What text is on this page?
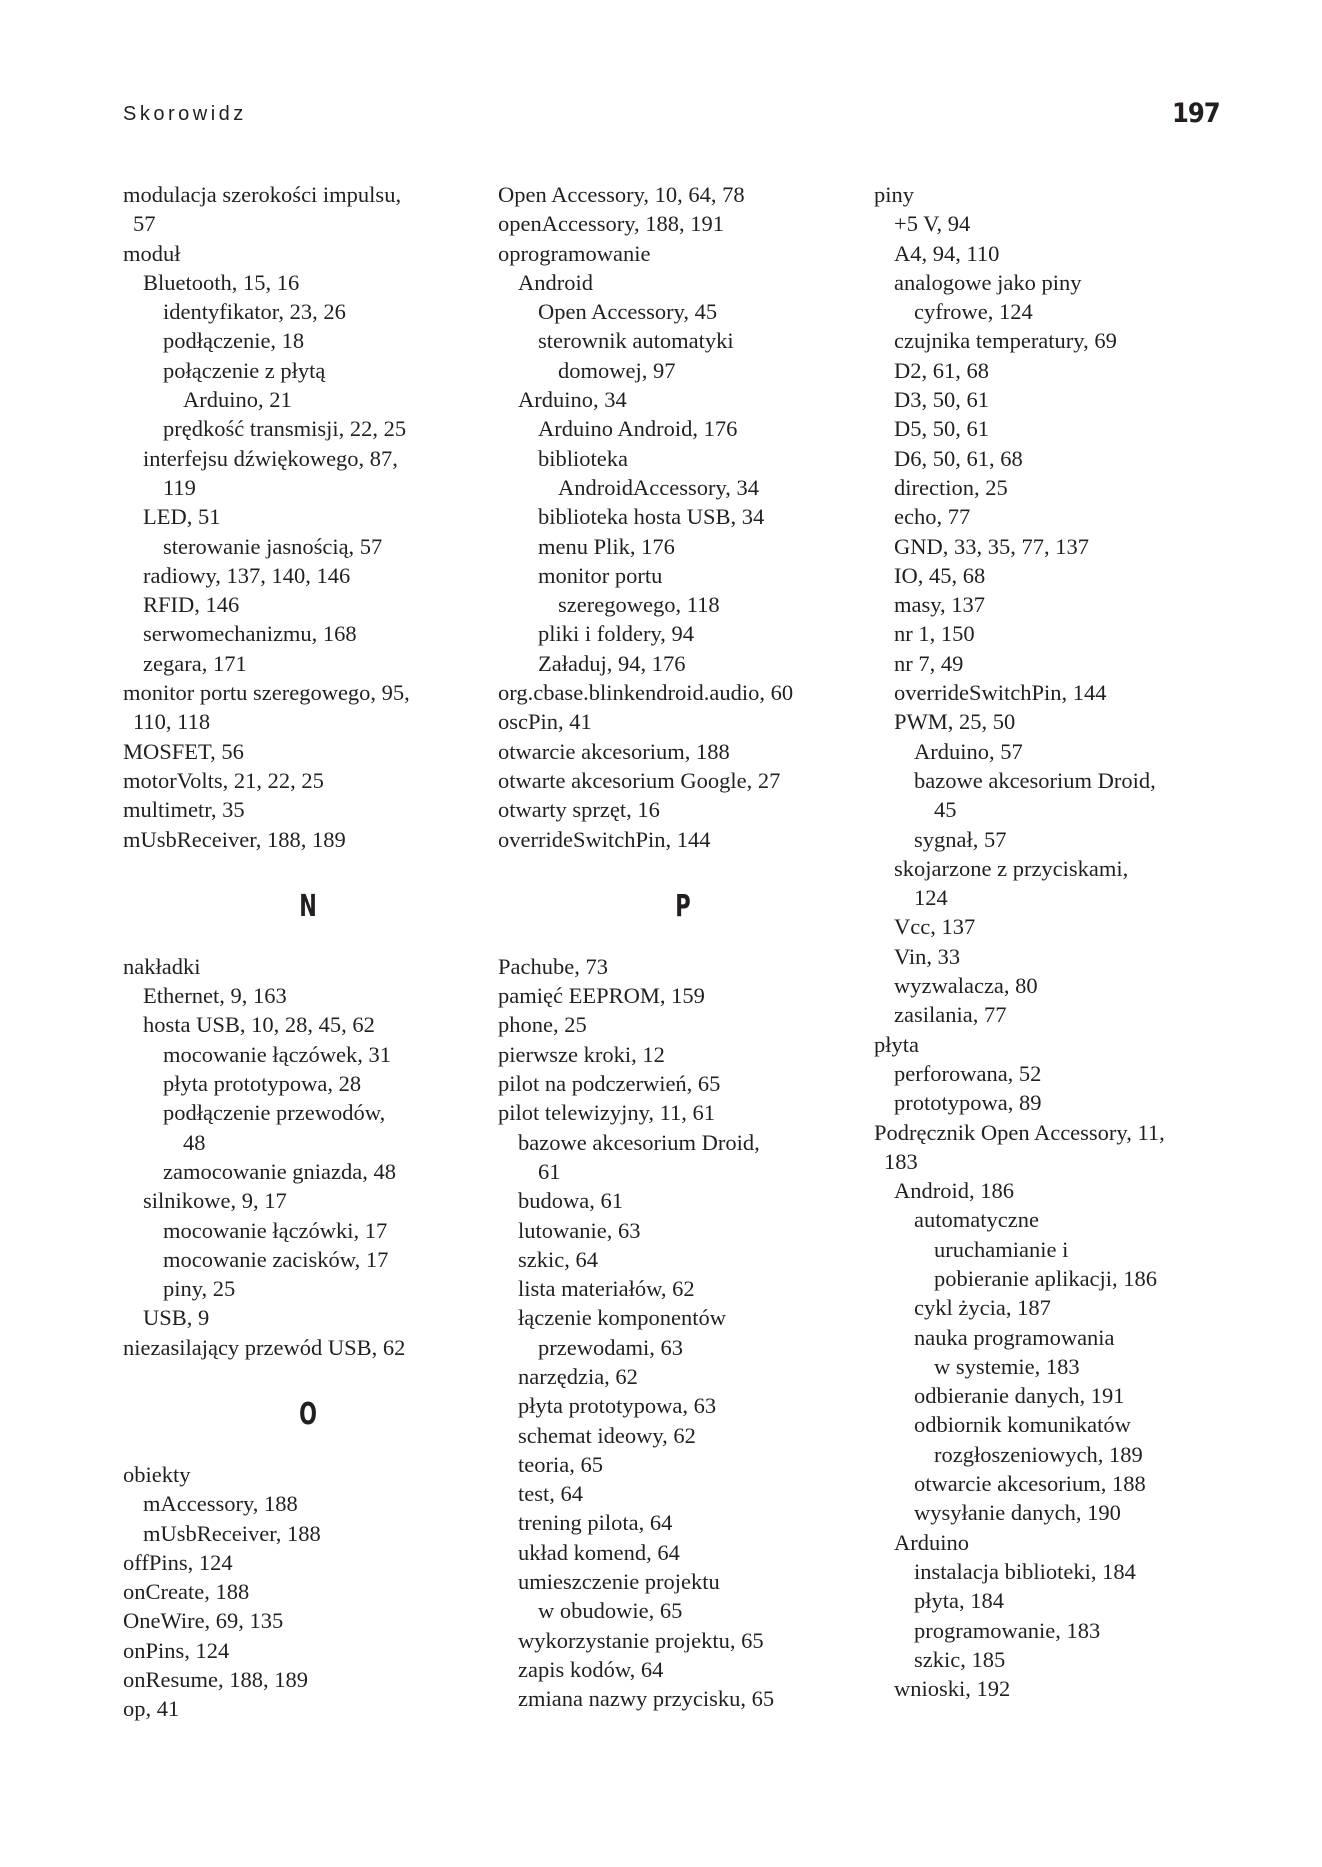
Skorowidz	197
modulacja szerokości impulsu,
57
moduł
Bluetooth, 15, 16
identyfikator, 23, 26
podłączenie, 18
połączenie z płytą
Arduino, 21
prędkość transmisji, 22, 25
interfejsu dźwiękowego, 87,
119
LED, 51
sterowanie jasnością, 57
radiowy, 137, 140, 146
RFID, 146
serwomechanizmu, 168
zegara, 171
monitor portu szeregowego, 95,
110, 118
MOSFET, 56
motorVolts, 21, 22, 25
multimetr, 35
mUsbReceiver, 188, 189
N
nakładki
Ethernet, 9, 163
hosta USB, 10, 28, 45, 62
mocowanie łączówek, 31
płyta prototypowa, 28
podłączenie przewodów,
48
zamocowanie gniazda, 48
silnikowe, 9, 17
mocowanie łączówki, 17
mocowanie zacisków, 17
piny, 25
USB, 9
niezasilający przewód USB, 62
O
obiekty
mAccessory, 188
mUsbReceiver, 188
offPins, 124
onCreate, 188
OneWire, 69, 135
onPins, 124
onResume, 188, 189
op, 41
Open Accessory, 10, 64, 78
openAccessory, 188, 191
oprogramowanie
Android
Open Accessory, 45
sterownik automatyki
domowej, 97
Arduino, 34
Arduino Android, 176
biblioteka
AndroidAccessory, 34
biblioteka hosta USB, 34
menu Plik, 176
monitor portu
szeregowego, 118
pliki i foldery, 94
Załaduj, 94, 176
org.cbase.blinkendroid.audio, 60
oscPin, 41
otwarcie akcesorium, 188
otwarte akcesorium Google, 27
otwarty sprzęt, 16
overrideSwitchPin, 144
P
Pachube, 73
pamięć EEPROM, 159
phone, 25
pierwsze kroki, 12
pilot na podczerwień, 65
pilot telewizyjny, 11, 61
bazowe akcesorium Droid,
61
budowa, 61
lutowanie, 63
szkic, 64
lista materiałów, 62
łączenie komponentów
przewodami, 63
narzędzia, 62
płyta prototypowa, 63
schemat ideowy, 62
teoria, 65
test, 64
trening pilota, 64
układ komend, 64
umieszczenie projektu
w obudowie, 65
wykorzystanie projektu, 65
zapis kodów, 64
zmiana nazwy przycisku, 65
piny
+5 V, 94
A4, 94, 110
analogowe jako piny
cyfrowe, 124
czujnika temperatury, 69
D2, 61, 68
D3, 50, 61
D5, 50, 61
D6, 50, 61, 68
direction, 25
echo, 77
GND, 33, 35, 77, 137
IO, 45, 68
masy, 137
nr 1, 150
nr 7, 49
overrideSwitchPin, 144
PWM, 25, 50
Arduino, 57
bazowe akcesorium Droid,
45
sygnał, 57
skojarzone z przyciskami,
124
Vcc, 137
Vin, 33
wyzwalacza, 80
zasilania, 77
płyta
perforowana, 52
prototypowa, 89
Podręcznik Open Accessory, 11,
183
Android, 186
automatyczne
uruchamianie i
pobieranie aplikacji, 186
cykl życia, 187
nauka programowania
w systemie, 183
odbieranie danych, 191
odbiornik komunikatów
rozgłoszeniowych, 189
otwarcie akcesorium, 188
wysyłanie danych, 190
Arduino
instalacja biblioteki, 184
płyta, 184
programowanie, 183
szkic, 185
wnioski, 192
